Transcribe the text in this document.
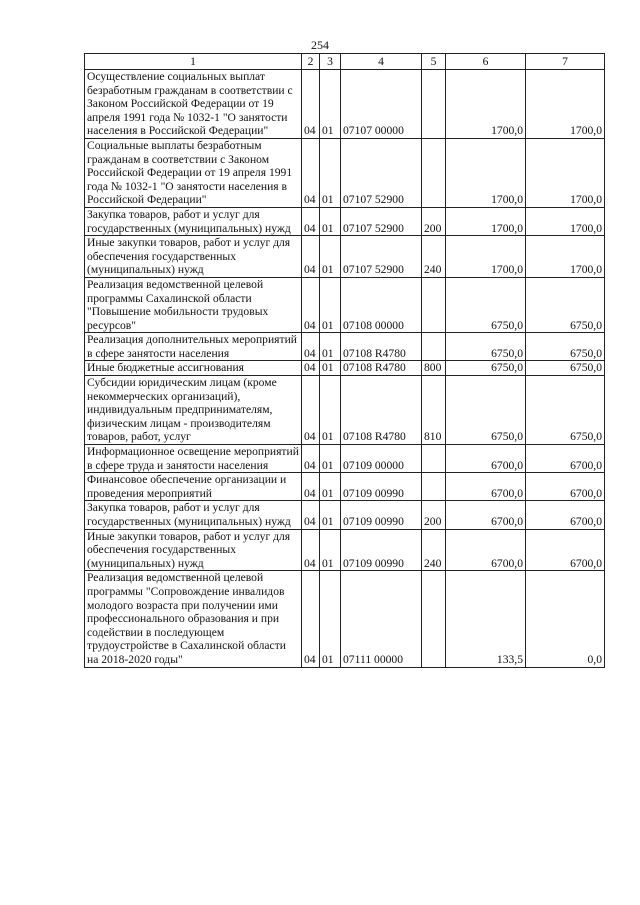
254
1	2	3	4	5	6	7
Осуществление социальных выплат безработным гражданам в соответствии с Законом Российской Федерации от 19 апреля 1991 года № 1032-1 "О занятости населения в Российской Федерации"	04	01	07107 00000		1700,0	1700,0
Социальные выплаты безработным гражданам в соответствии с Законом Российской Федерации от 19 апреля 1991 года № 1032-1 "О занятости населения в Российской Федерации"	04	01	07107 52900		1700,0	1700,0
Закупка товаров, работ и услуг для государственных (муниципальных) нужд	04	01	07107 52900	200	1700,0	1700,0
Иные закупки товаров, работ и услуг для обеспечения государственных (муниципальных) нужд	04	01	07107 52900	240	1700,0	1700,0
Реализация ведомственной целевой программы Сахалинской области "Повышение мобильности трудовых ресурсов"	04	01	07108 00000		6750,0	6750,0
Реализация дополнительных мероприятий в сфере занятости населения	04	01	07108 R4780		6750,0	6750,0
Иные бюджетные ассигнования	04	01	07108 R4780	800	6750,0	6750,0
Субсидии юридическим лицам (кроме некоммерческих организаций), индивидуальным предпринимателям, физическим лицам - производителям товаров, работ, услуг	04	01	07108 R4780	810	6750,0	6750,0
Информационное освещение мероприятий в сфере труда и занятости населения	04	01	07109 00000		6700,0	6700,0
Финансовое обеспечение организации и проведения мероприятий	04	01	07109 00990		6700,0	6700,0
Закупка товаров, работ и услуг для государственных (муниципальных) нужд	04	01	07109 00990	200	6700,0	6700,0
Иные закупки товаров, работ и услуг для обеспечения государственных (муниципальных) нужд	04	01	07109 00990	240	6700,0	6700,0
Реализация ведомственной целевой программы "Сопровождение инвалидов молодого возраста при получении ими профессионального образования и при содействии в последующем трудоустройстве в Сахалинской области на 2018-2020 годы"	04	01	07111 00000		133,5	0,0
